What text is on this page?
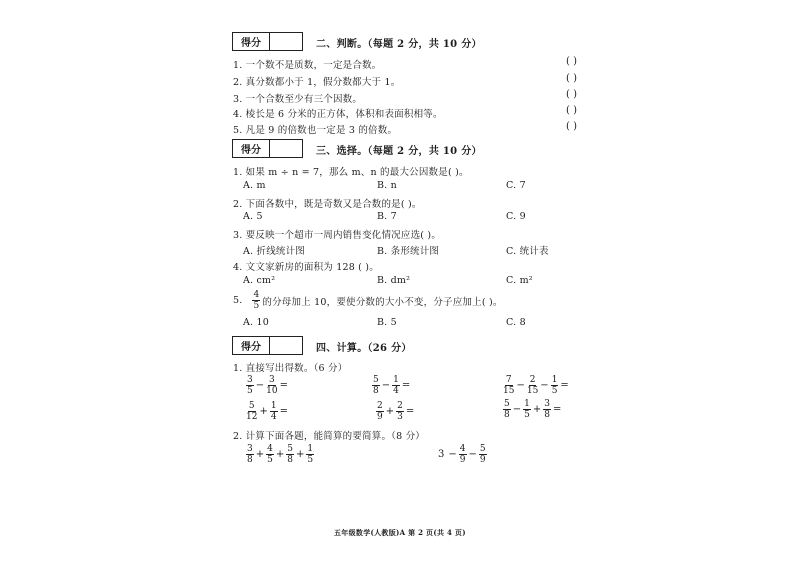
得分	二、判断。（每题 2 分，共 10 分）
1. 一个数不是质数，一定是合数。
2. 真分数都小于 1，假分数都大于 1。
3. 一个合数至少有三个因数。
4. 棱长是 6 分米的正方体，体积和表面积相等。
5. 凡是 9 的倍数也一定是 3 的倍数。
( )
( )
( )
( )
( )
得分	三、选择。（每题 2 分，共 10 分）
1. 如果 m ÷ n = 7，那么 m、n 的最大公因数是( )。
A. m	B. n	C. 7
2. 下面各数中，既是奇数又是合数的是( )。
A. 5	B. 7	C. 9
3. 要反映一个超市一周内销售变化情况应选( )。
A. 折线统计图	B. 条形统计图	C. 统计表
4. 文文家新房的面积为 128 ( )。
A. cm²	B. dm²	C. m²
5. $\frac{4}{5}$ 的分母加上 10，要使分数的大小不变，分子应加上( )。
A. 10	B. 5	C. 8
得分	四、计算。（26 分）
1. 直接写出得数。（6 分）
$\frac{3}{5} - \frac{3}{10}$ =	$\frac{5}{8} - \frac{1}{4}$ =	$\frac{7}{15} - \frac{2}{15} - \frac{1}{5}$ =
$\frac{5}{12} + \frac{1}{4}$ =	$\frac{2}{9} + \frac{2}{3}$ =	$\frac{5}{8} - \frac{1}{5} + \frac{3}{8}$ =
2. 计算下面各题，能简算的要简算。（8 分）
$\frac{3}{8} + \frac{4}{5} + \frac{5}{8} + \frac{1}{5}$	$3 - \frac{4}{9} - \frac{5}{9}$
五年级数学(人教版)A 第 2 页(共 4 页)
